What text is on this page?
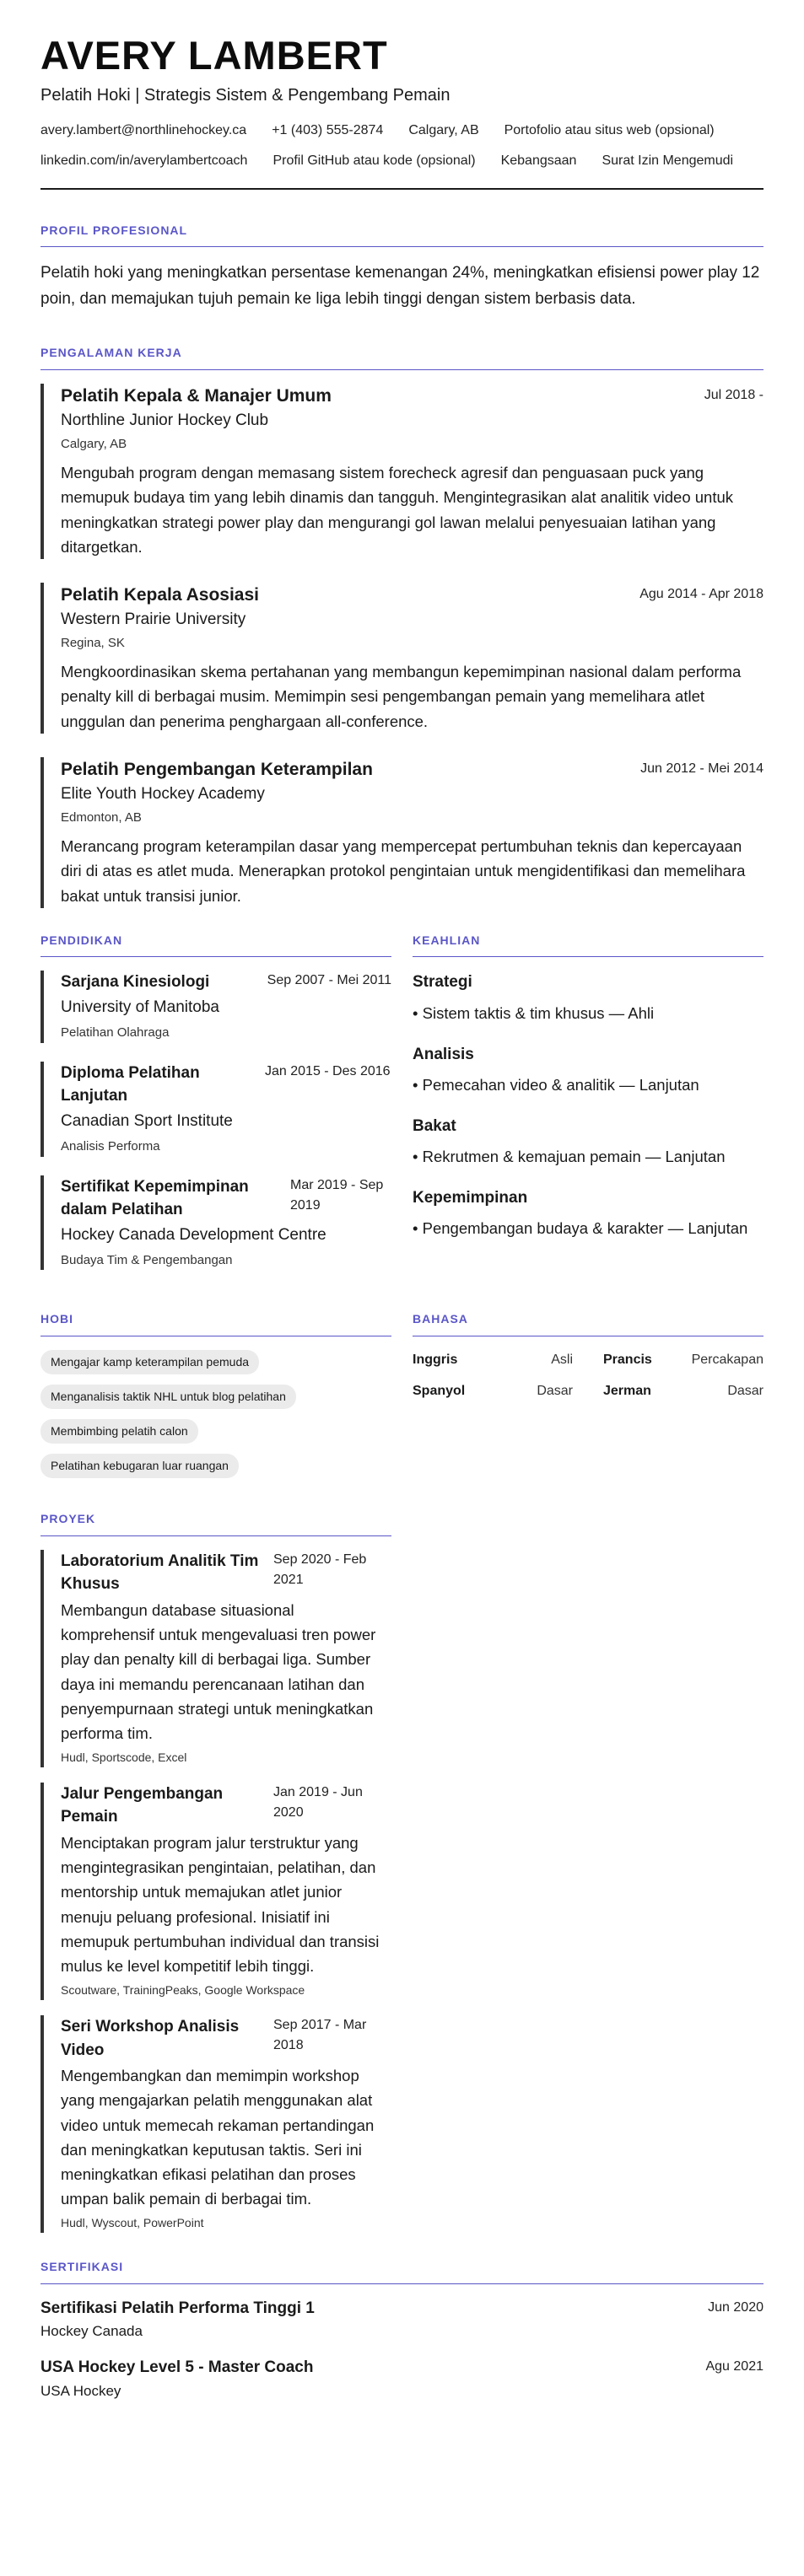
AVERY LAMBERT
Pelatih Hoki | Strategis Sistem & Pengembang Pemain
avery.lambert@northlinehockey.ca +1 (403) 555-2874 Calgary, AB Portofolio atau situs web (opsional)
linkedin.com/in/averylambertcoach Profil GitHub atau kode (opsional) Kebangsaan Surat Izin Mengemudi
PROFIL PROFESIONAL

Pelatih hoki yang meningkatkan persentase kemenangan 24%, meningkatkan efisiensi power play 12 poin, dan memajukan tujuh pemain ke liga lebih tinggi dengan sistem berbasis data.

PENGALAMAN KERJA
Pelatih Kepala & Manajer Umum	Jul 2018 -
Northline Junior Hockey Club
Calgary, AB

Mengubah program dengan memasang sistem forecheck agresif dan penguasaan puck yang memupuk budaya tim yang lebih dinamis dan tangguh. Mengintegrasikan alat analitik video untuk meningkatkan strategi power play dan mengurangi gol lawan melalui penyesuaian latihan yang ditargetkan.

Pelatih Kepala Asosiasi	Agu 2014 - Apr 2018
Western Prairie University
Regina, SK

Mengkoordinasikan skema pertahanan yang membangun kepemimpinan nasional dalam performa penalty kill di berbagai musim. Memimpin sesi pengembangan pemain yang memelihara atlet unggulan dan penerima penghargaan all-conference.

Pelatih Pengembangan Keterampilan	Jun 2012 - Mei 2014
Elite Youth Hockey Academy
Edmonton, AB

Merancang program keterampilan dasar yang mempercepat pertumbuhan teknis dan kepercayaan diri di atas es atlet muda. Menerapkan protokol pengintaian untuk mengidentifikasi dan memelihara bakat untuk transisi junior.

PENDIDIKAN
Sarjana Kinesiologi	Sep 2007 - Mei 2011
University of Manitoba
Pelatihan Olahraga
Diploma Pelatihan Lanjutan
Jan 2015 - Des 2016
Canadian Sport Institute
Analisis Performa
Sertifikat Kepemimpinan dalam Pelatihan
Mar 2019 - Sep 2019
Hockey Canada Development Centre
Budaya Tim & Pengembangan
KEAHLIAN
Strategi
• Sistem taktis & tim khusus — Ahli
Analisis
• Pemecahan video & analitik — Lanjutan
Bakat
• Rekrutmen & kemajuan pemain — Lanjutan
Kepemimpinan
• Pengembangan budaya & karakter — Lanjutan
HOBI
Mengajar kamp keterampilan pemuda
Menganalisis taktik NHL untuk blog pelatihan
Membimbing pelatih calon
Pelatihan kebugaran luar ruangan
BAHASA
Inggris	Asli Prancis	Percakapan
Spanyol	Dasar Jerman	Dasar
PROYEK
Laboratorium Analitik Tim Khusus
Sep 2020 - Feb 2021

Membangun database situasional komprehensif untuk mengevaluasi tren power play dan penalty kill di berbagai liga. Sumber daya ini memandu perencanaan latihan dan penyempurnaan strategi untuk meningkatkan performa tim.

Hudl, Sportscode, Excel
Jalur Pengembangan Pemain
Jan 2019 - Jun 2020

Menciptakan program jalur terstruktur yang mengintegrasikan pengintaian, pelatihan, dan mentorship untuk memajukan atlet junior menuju peluang profesional. Inisiatif ini memupuk pertumbuhan individual dan transisi mulus ke level kompetitif lebih tinggi.

Scoutware, TrainingPeaks, Google Workspace
Seri Workshop Analisis Video
Sep 2017 - Mar 2018

Mengembangkan dan memimpin workshop yang mengajarkan pelatih menggunakan alat video untuk memecah rekaman pertandingan dan meningkatkan keputusan taktis. Seri ini meningkatkan efikasi pelatihan dan proses umpan balik pemain di berbagai tim.

Hudl, Wyscout, PowerPoint
SERTIFIKASI
Sertifikasi Pelatih Performa Tinggi 1
Hockey Canada
Jun 2020
USA Hockey Level 5 - Master Coach
USA Hockey
Agu 2021
